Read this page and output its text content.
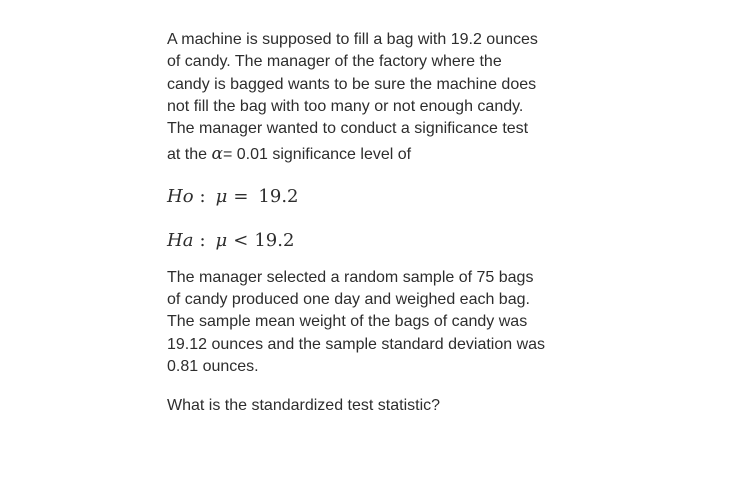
A machine is supposed to fill a bag with 19.2 ounces
of candy. The manager of the factory where the
candy is bagged wants to be sure the machine does
not fill the bag with too many or not enough candy.
The manager wanted to conduct a significance test
at the α= 0.01 significance level of
Ho : μ = 19.2
Ha : μ < 19.2
The manager selected a random sample of 75 bags
of candy produced one day and weighed each bag.
The sample mean weight of the bags of candy was
19.12 ounces and the sample standard deviation was
0.81 ounces.

What is the standardized test statistic?
